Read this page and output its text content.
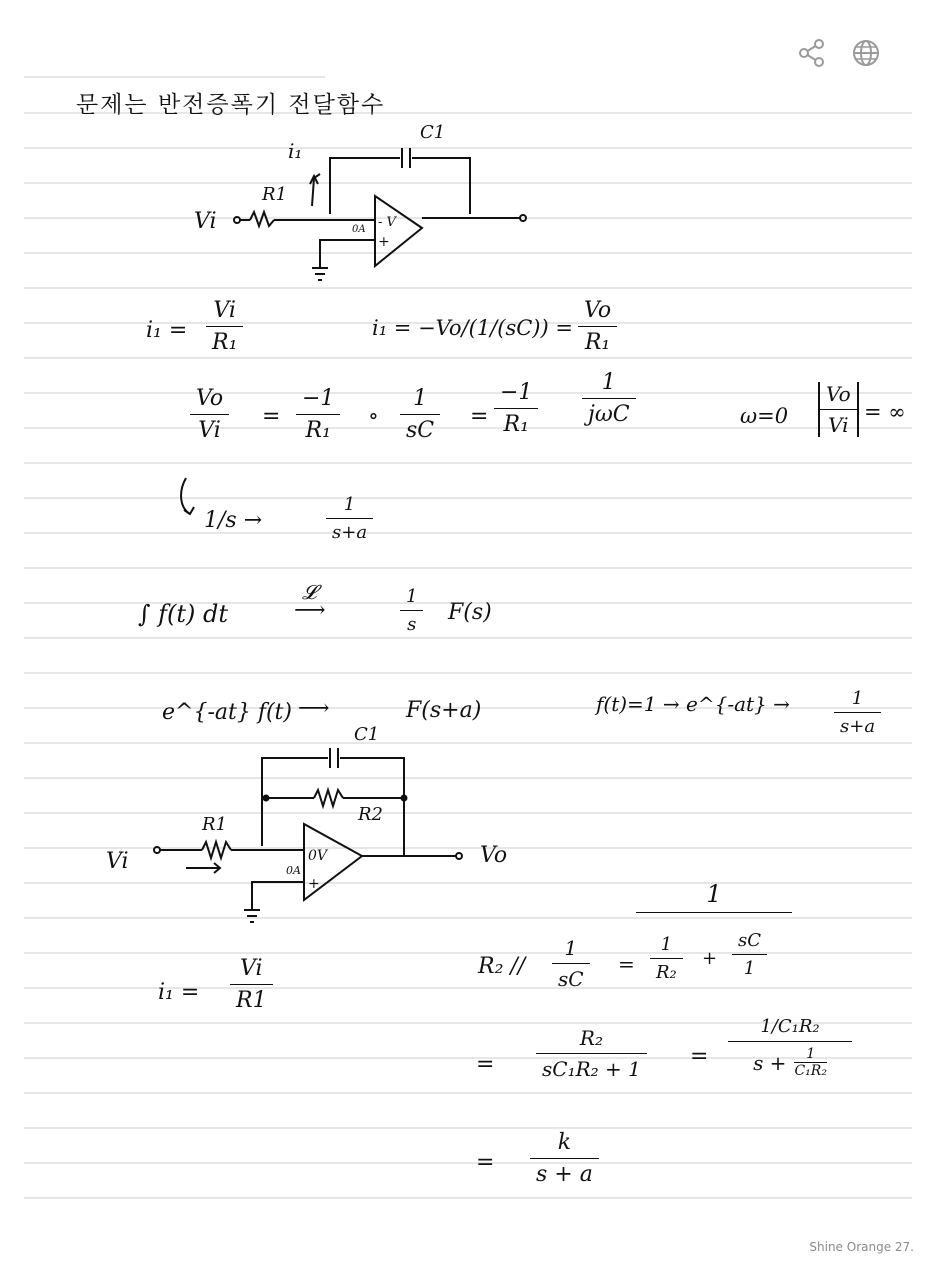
문제는 반전증폭기 전달함수
i₁
C1
R1
Vi	- V
+
0A
$i_1 = \frac{Vi}{\text{R₁}}$	$i_1 = -Vo/(1/(sC)) = \frac{Vo}{\text{R₁}}$
$\frac{Vo}{Vi} = \frac{-1}{\text{R₁}}$ ∘ $\frac{1}{sC} = \frac{-1}{\text{R₁}}$	1
jωC	$\omega=0 \frac{Vo}{Vi}$ = ∞
1/s →	$\frac{1}{s+a}$
∫ f(t) dt
𝓛
⟶	$\frac{1}{s} F(s)$
e^{-at} f(t) ⟶	F(s+a)	f(t)=1 → e^{-at} → $\frac{1}{s+a}$
C1
R1	R2
Vi	Vo
0V
0A
+
$i_1 = \frac{Vi}{R1}$	$R_2 // \frac{1}{sC}$ =
1
$\frac{1}{\text{R₂}} + \frac{sC}{1}$
= $\frac{\text{R₂}}{\text{sC₁R₂ + 1}}$ =
1/C₁R₂
$s + \frac{1}{\text{C₁R₂}}$
= $\frac{k}{s + a}$
Shine Orange 27.
